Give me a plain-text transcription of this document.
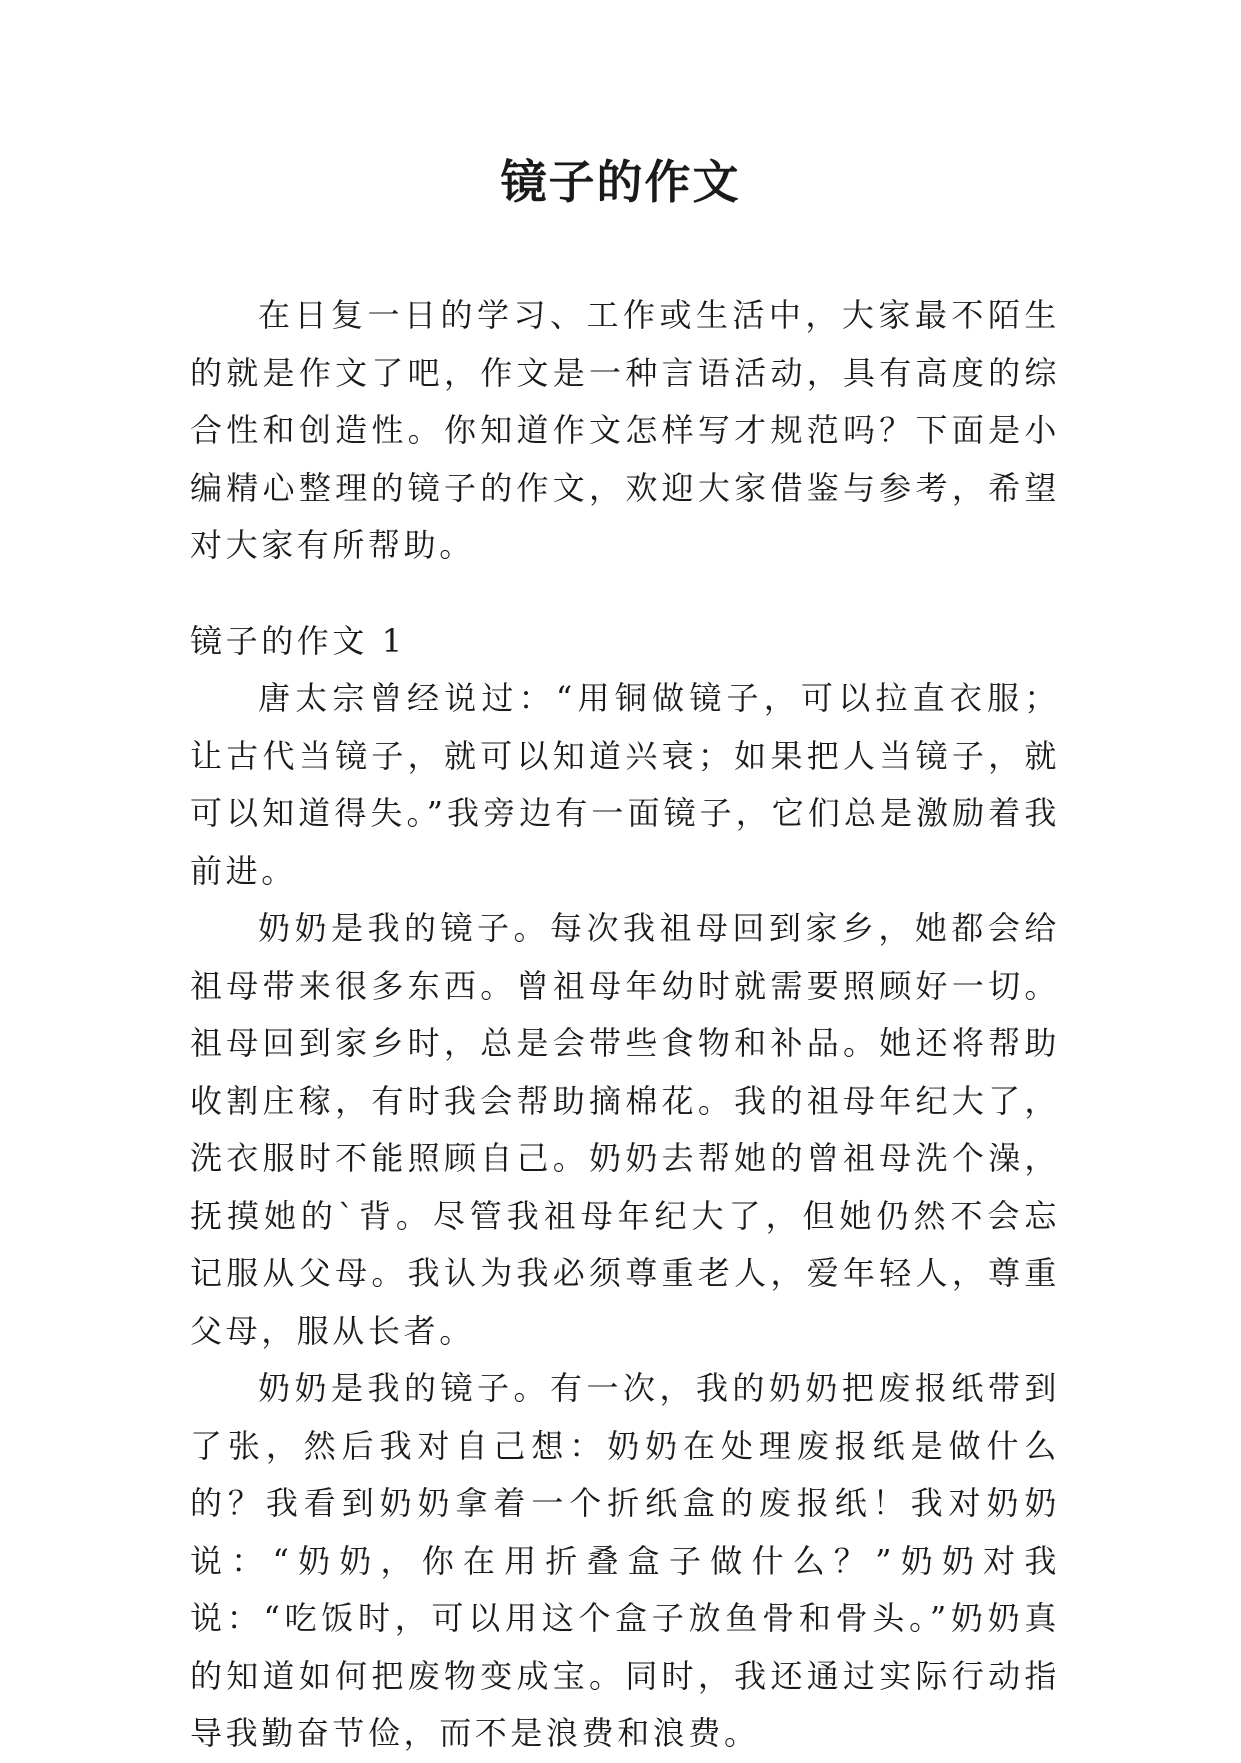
镜子的作文

在日复一日的学习、工作或生活中，大家最不陌生的就是作文了吧，作文是一种言语活动，具有高度的综合性和创造性。你知道作文怎样写才规范吗？下面是小编精心整理的镜子的作文，欢迎大家借鉴与参考，希望对大家有所帮助。

镜子的作文 1

唐太宗曾经说过：“用铜做镜子，可以拉直衣服；让古代当镜子，就可以知道兴衰；如果把人当镜子，就可以知道得失。”我旁边有一面镜子，它们总是激励着我前进。

奶奶是我的镜子。每次我祖母回到家乡，她都会给祖母带来很多东西。曾祖母年幼时就需要照顾好一切。祖母回到家乡时，总是会带些食物和补品。她还将帮助收割庄稼，有时我会帮助摘棉花。我的祖母年纪大了，洗衣服时不能照顾自己。奶奶去帮她的曾祖母洗个澡，抚摸她的`背。尽管我祖母年纪大了，但她仍然不会忘记服从父母。我认为我必须尊重老人，爱年轻人，尊重父母，服从长者。

奶奶是我的镜子。有一次，我的奶奶把废报纸带到了张，然后我对自己想：奶奶在处理废报纸是做什么的？我看到奶奶拿着一个折纸盒的废报纸！我对奶奶说：“奶奶，你在用折叠盒子做什么？”奶奶对我说：“吃饭时，可以用这个盒子放鱼骨和骨头。”奶奶真的知道如何把废物变成宝。同时，我还通过实际行动指导我勤奋节俭，而不是浪费和浪费。
